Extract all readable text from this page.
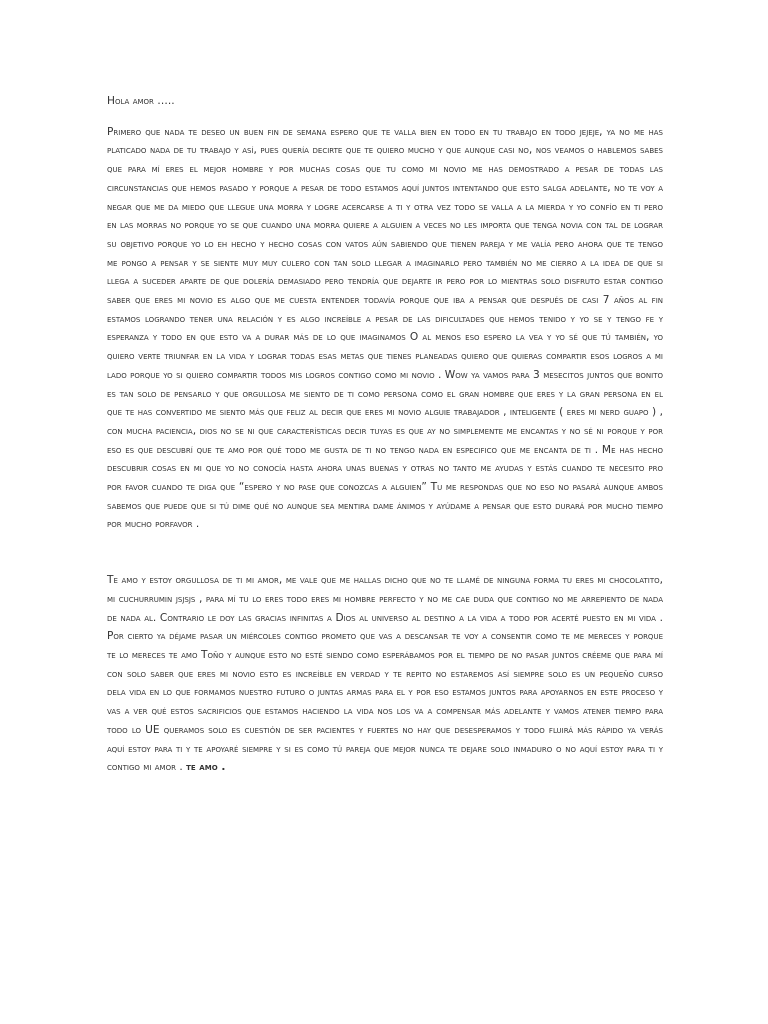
Hola amor …..

Primero que nada te deseo un buen fin de semana espero que te valla bien en todo en tu trabajo en todo jejeje, ya no me has platicado nada de tu trabajo y así, pues quería decirte que te quiero mucho y que aunque casi no, nos veamos o hablemos sabes que para mí eres el mejor hombre y por muchas cosas que tu como mi novio me has demostrado a pesar de todas las circunstancias que hemos pasado y porque a pesar de todo estamos aquí juntos intentando que esto salga adelante, no te voy a negar que me da miedo que llegue una morra y logre acercarse a ti y otra vez todo se valla a la mierda y yo confío en ti pero en las morras no porque yo se que cuando una morra quiere a alguien a veces no les importa que tenga novia con tal de lograr su objetivo porque yo lo eh hecho y hecho cosas con vatos aún sabiendo que tienen pareja y me valía pero ahora que te tengo me pongo a pensar y se siente muy muy culero con tan solo llegar a imaginarlo pero también no me cierro a la idea de que si llega a suceder aparte de que dolería demasiado pero tendría que dejarte ir pero por lo mientras solo disfruto estar contigo saber que eres mi novio es algo que me cuesta entender todavía porque que iba a pensar que después de casi 7 años al fin estamos logrando tener una relación y es algo increíble a pesar de las dificultades que hemos tenido y yo se y tengo fe y esperanza y todo en que esto va a durar más de lo que imaginamos O al menos eso espero la vea y yo sé que tú también, yo quiero verte triunfar en la vida y lograr todas esas metas que tienes planeadas quiero que quieras compartir esos logros a mi lado porque yo si quiero compartir todos mis logros contigo como mi novio . Wow ya vamos para 3 mesecitos juntos que bonito es tan solo de pensarlo y que orgullosa me siento de ti como persona como el gran hombre que eres y la gran persona en el que te has convertido me siento más que feliz al decir que eres mi novio alguie trabajador , inteligente ( eres mi nerd guapo ) , con mucha paciencia, dios no se ni que características decir tuyas es que ay no simplemente me encantas y no sé ni porque y por eso es que descubrí que te amo por qué todo me gusta de ti no tengo nada en especifico que me encanta de ti . Me has hecho descubrir cosas en mi que yo no conocía hasta ahora unas buenas y otras no tanto me ayudas y estás cuando te necesito pro por favor cuando te diga que “espero y no pase que conozcas a alguien” Tu me respondas que no eso no pasará aunque ambos sabemos que puede que si tú dime qué no aunque sea mentira dame ánimos y ayúdame a pensar que esto durará por mucho tiempo por mucho porfavor .

Te amo y estoy orgullosa de ti mi amor, me vale que me hallas dicho que no te llamé de ninguna forma tu eres mi chocolatito, mi cuchurrumin jsjsjs , para mí tu lo eres todo eres mi hombre perfecto y no me cae duda que contigo no me arrepiento de nada de nada al. Contrario le doy las gracias infinitas a Dios al universo al destino a la vida a todo por acerté puesto en mi vida . Por cierto ya déjame pasar un miércoles contigo prometo que vas a descansar te voy a consentir como te me mereces y porque te lo mereces te amo Toño y aunque esto no esté siendo como esperábamos por el tiempo de no pasar juntos créeme que para mí con solo saber que eres mi novio esto es increíble en verdad y te repito no estaremos así siempre solo es un pequeño curso dela vida en lo que formamos nuestro futuro o juntas armas para el y por eso estamos juntos para apoyarnos en este proceso y vas a ver qué estos sacrificios que estamos haciendo la vida nos los va a compensar más adelante y vamos atener tiempo para todo lo UE queramos solo es cuestión de ser pacientes y fuertes no hay que desesperamos y todo fluirá más rápido ya verás aquí estoy para ti y te apoyaré siempre y si es como tú pareja que mejor nunca te dejare solo inmaduro o no aquí estoy para ti y contigo mi amor . te amo .
